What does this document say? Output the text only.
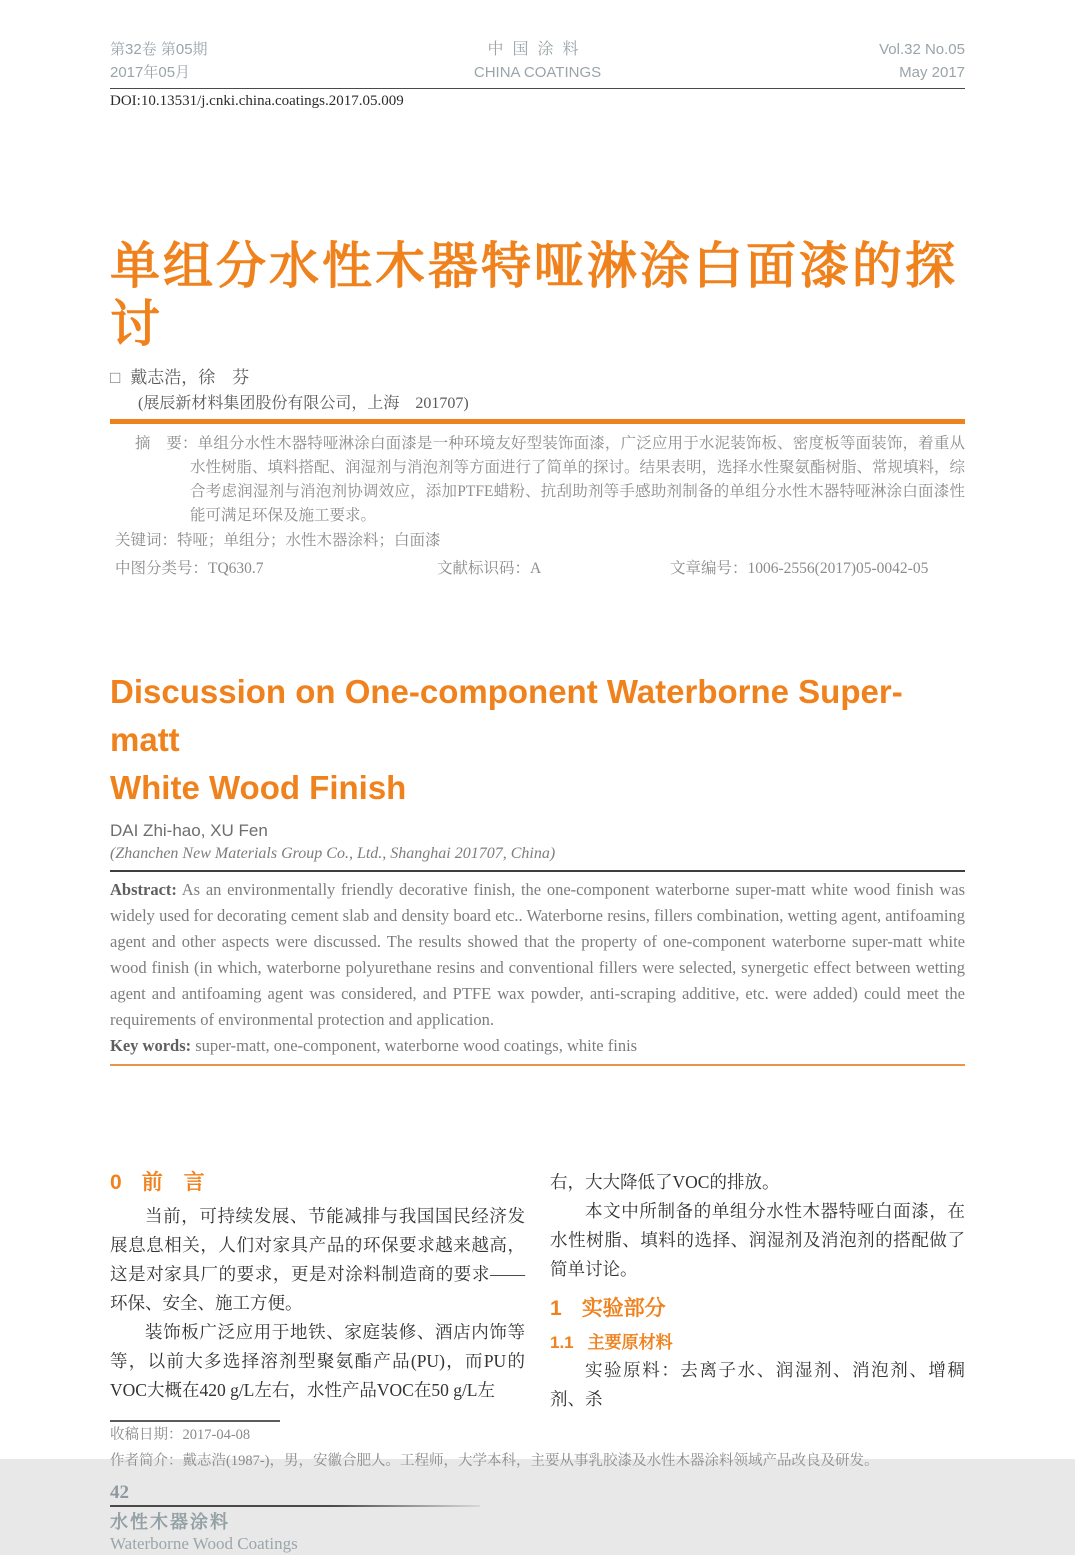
第32卷 第05期
2017年05月
中国涂料
CHINA COATINGS
Vol.32 No.05
May 2017
DOI:10.13531/j.cnki.china.coatings.2017.05.009
单组分水性木器特哑淋涂白面漆的探讨
□ 戴志浩，徐　芬
(展辰新材料集团股份有限公司，上海　201707)

摘　要：单组分水性木器特哑淋涂白面漆是一种环境友好型装饰面漆，广泛应用于水泥装饰板、密度板等面装饰，着重从水性树脂、填料搭配、润湿剂与消泡剂等方面进行了简单的探讨。结果表明，选择水性聚氨酯树脂、常规填料，综合考虑润湿剂与消泡剂协调效应，添加PTFE蜡粉、抗刮助剂等手感助剂制备的单组分水性木器特哑淋涂白面漆性能可满足环保及施工要求。

关键词：特哑；单组分；水性木器涂料；白面漆

中图分类号：TQ630.7	文献标识码：A	文章编号：1006-2556(2017)05-0042-05
Discussion on One-component Waterborne Super-matt
White Wood Finish
DAI Zhi-hao, XU Fen
(Zhanchen New Materials Group Co., Ltd., Shanghai 201707, China)

Abstract: As an environmentally friendly decorative finish, the one-component waterborne super-matt white wood finish was widely used for decorating cement slab and density board etc.. Waterborne resins, fillers combination, wetting agent, antifoaming agent and other aspects were discussed. The results showed that the property of one-component waterborne super-matt white wood finish (in which, waterborne polyurethane resins and conventional fillers were selected, synergetic effect between wetting agent and antifoaming agent was considered, and PTFE wax powder, anti-scraping additive, etc. were added) could meet the requirements of environmental protection and application.

Key words: super-matt, one-component, waterborne wood coatings, white finis

0 前　言

当前，可持续发展、节能减排与我国国民经济发展息息相关，人们对家具产品的环保要求越来越高，这是对家具厂的要求，更是对涂料制造商的要求——环保、安全、施工方便。

装饰板广泛应用于地铁、家庭装修、酒店内饰等等，以前大多选择溶剂型聚氨酯产品(PU)，而PU的VOC大概在420 g/L左右，水性产品VOC在50 g/L左

右，大大降低了VOC的排放。

本文中所制备的单组分水性木器特哑白面漆，在水性树脂、填料的选择、润湿剂及消泡剂的搭配做了简单讨论。

1 实验部分
1.1 主要原材料

实验原料：去离子水、润湿剂、消泡剂、增稠剂、杀

收稿日期：2017-04-08
作者简介：戴志浩(1987-)，男，安徽合肥人。工程师，大学本科，主要从事乳胶漆及水性木器涂料领域产品改良及研发。
42
水性木器涂料
Waterborne Wood Coatings
